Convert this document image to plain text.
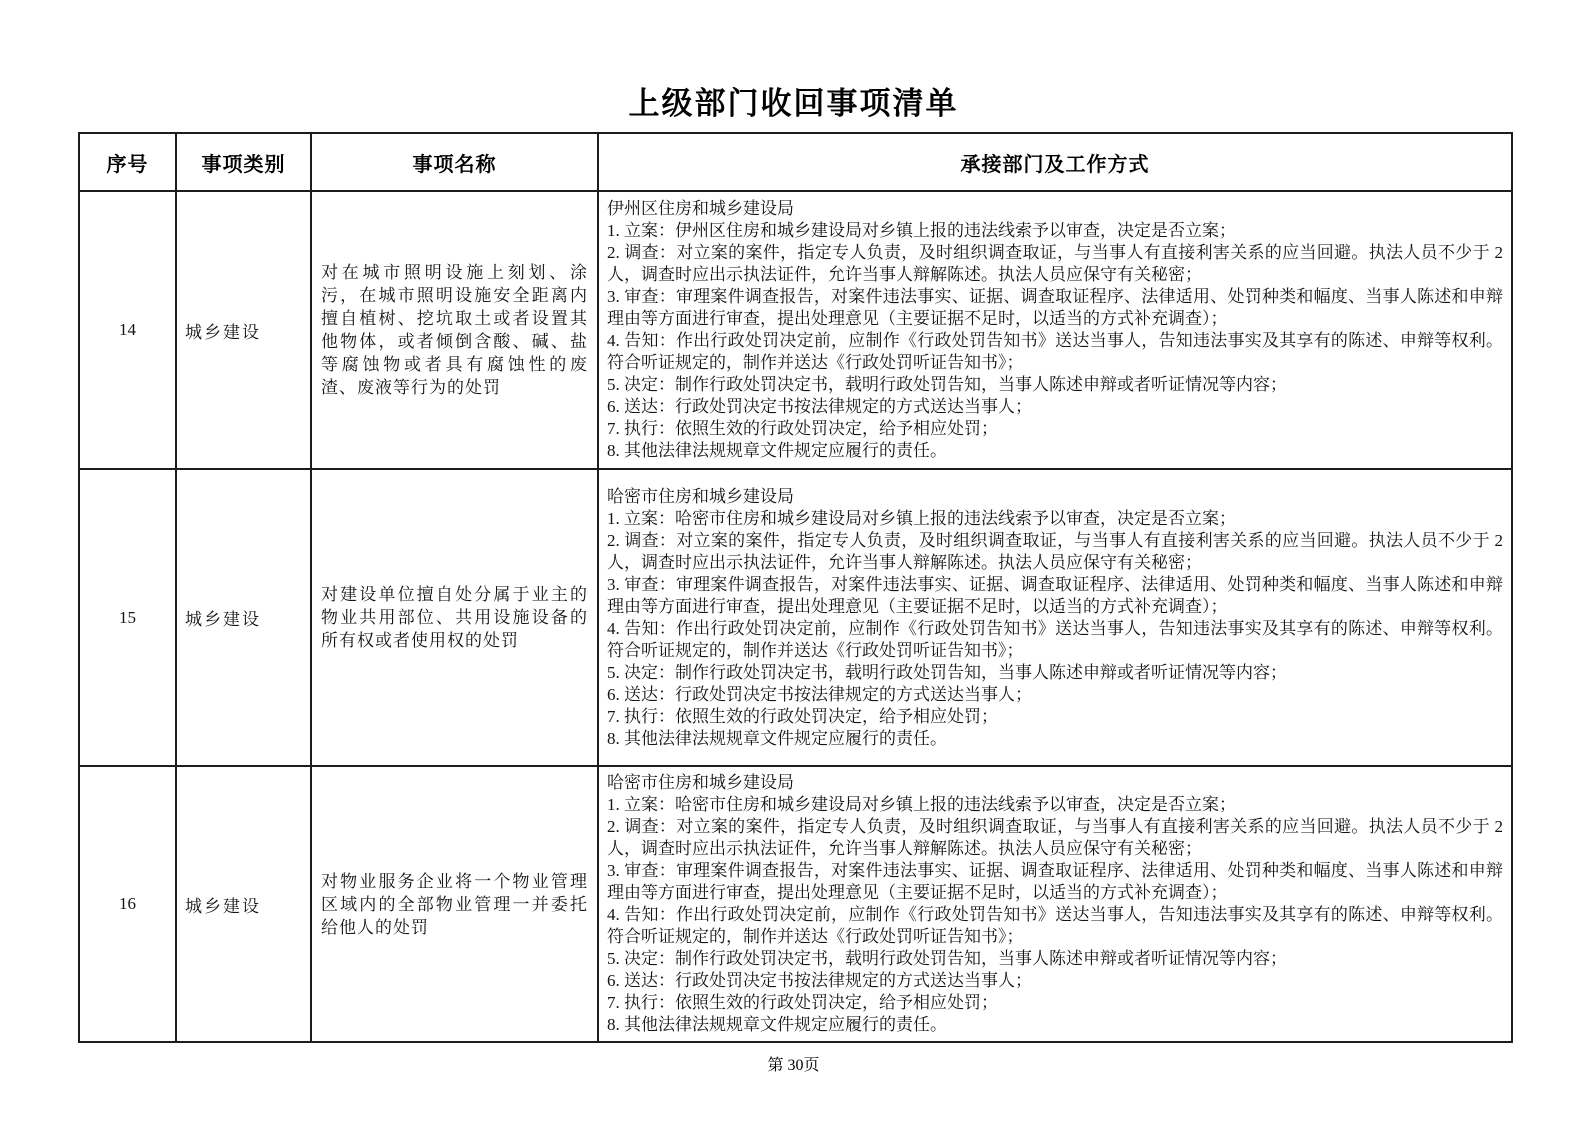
上级部门收回事项清单
序号	事项类别	事项名称	承接部门及工作方式
14	城乡建设	对在城市照明设施上刻划、涂污，在城市照明设施安全距离内擅自植树、挖坑取土或者设置其他物体，或者倾倒含酸、碱、盐等腐蚀物或者具有腐蚀性的废渣、废液等行为的处罚	
伊州区住房和城乡建设局
1. 立案：伊州区住房和城乡建设局对乡镇上报的违法线索予以审查，决定是否立案；
2. 调查：对立案的案件，指定专人负责，及时组织调查取证，与当事人有直接利害关系的应当回避。执法人员不少于 2 人，调查时应出示执法证件，允许当事人辩解陈述。执法人员应保守有关秘密；
3. 审查：审理案件调查报告，对案件违法事实、证据、调查取证程序、法律适用、处罚种类和幅度、当事人陈述和申辩理由等方面进行审查，提出处理意见（主要证据不足时，以适当的方式补充调查）；
4. 告知：作出行政处罚决定前，应制作《行政处罚告知书》送达当事人，告知违法事实及其享有的陈述、申辩等权利。符合听证规定的，制作并送达《行政处罚听证告知书》；
5. 决定：制作行政处罚决定书，载明行政处罚告知，当事人陈述申辩或者听证情况等内容；
6. 送达：行政处罚决定书按法律规定的方式送达当事人；
7. 执行：依照生效的行政处罚决定，给予相应处罚；
8. 其他法律法规规章文件规定应履行的责任。

15	城乡建设	对建设单位擅自处分属于业主的物业共用部位、共用设施设备的所有权或者使用权的处罚	
哈密市住房和城乡建设局
1. 立案：哈密市住房和城乡建设局对乡镇上报的违法线索予以审查，决定是否立案；
2. 调查：对立案的案件，指定专人负责，及时组织调查取证，与当事人有直接利害关系的应当回避。执法人员不少于 2 人，调查时应出示执法证件，允许当事人辩解陈述。执法人员应保守有关秘密；
3. 审查：审理案件调查报告，对案件违法事实、证据、调查取证程序、法律适用、处罚种类和幅度、当事人陈述和申辩理由等方面进行审查，提出处理意见（主要证据不足时，以适当的方式补充调查）；
4. 告知：作出行政处罚决定前，应制作《行政处罚告知书》送达当事人，告知违法事实及其享有的陈述、申辩等权利。符合听证规定的，制作并送达《行政处罚听证告知书》；
5. 决定：制作行政处罚决定书，载明行政处罚告知，当事人陈述申辩或者听证情况等内容；
6. 送达：行政处罚决定书按法律规定的方式送达当事人；
7. 执行：依照生效的行政处罚决定，给予相应处罚；
8. 其他法律法规规章文件规定应履行的责任。

16	城乡建设	对物业服务企业将一个物业管理区域内的全部物业管理一并委托给他人的处罚	
哈密市住房和城乡建设局
1. 立案：哈密市住房和城乡建设局对乡镇上报的违法线索予以审查，决定是否立案；
2. 调查：对立案的案件，指定专人负责，及时组织调查取证，与当事人有直接利害关系的应当回避。执法人员不少于 2 人，调查时应出示执法证件，允许当事人辩解陈述。执法人员应保守有关秘密；
3. 审查：审理案件调查报告，对案件违法事实、证据、调查取证程序、法律适用、处罚种类和幅度、当事人陈述和申辩理由等方面进行审查，提出处理意见（主要证据不足时，以适当的方式补充调查）；
4. 告知：作出行政处罚决定前，应制作《行政处罚告知书》送达当事人，告知违法事实及其享有的陈述、申辩等权利。符合听证规定的，制作并送达《行政处罚听证告知书》；
5. 决定：制作行政处罚决定书，载明行政处罚告知，当事人陈述申辩或者听证情况等内容；
6. 送达：行政处罚决定书按法律规定的方式送达当事人；
7. 执行：依照生效的行政处罚决定，给予相应处罚；
8. 其他法律法规规章文件规定应履行的责任。
第 30页
